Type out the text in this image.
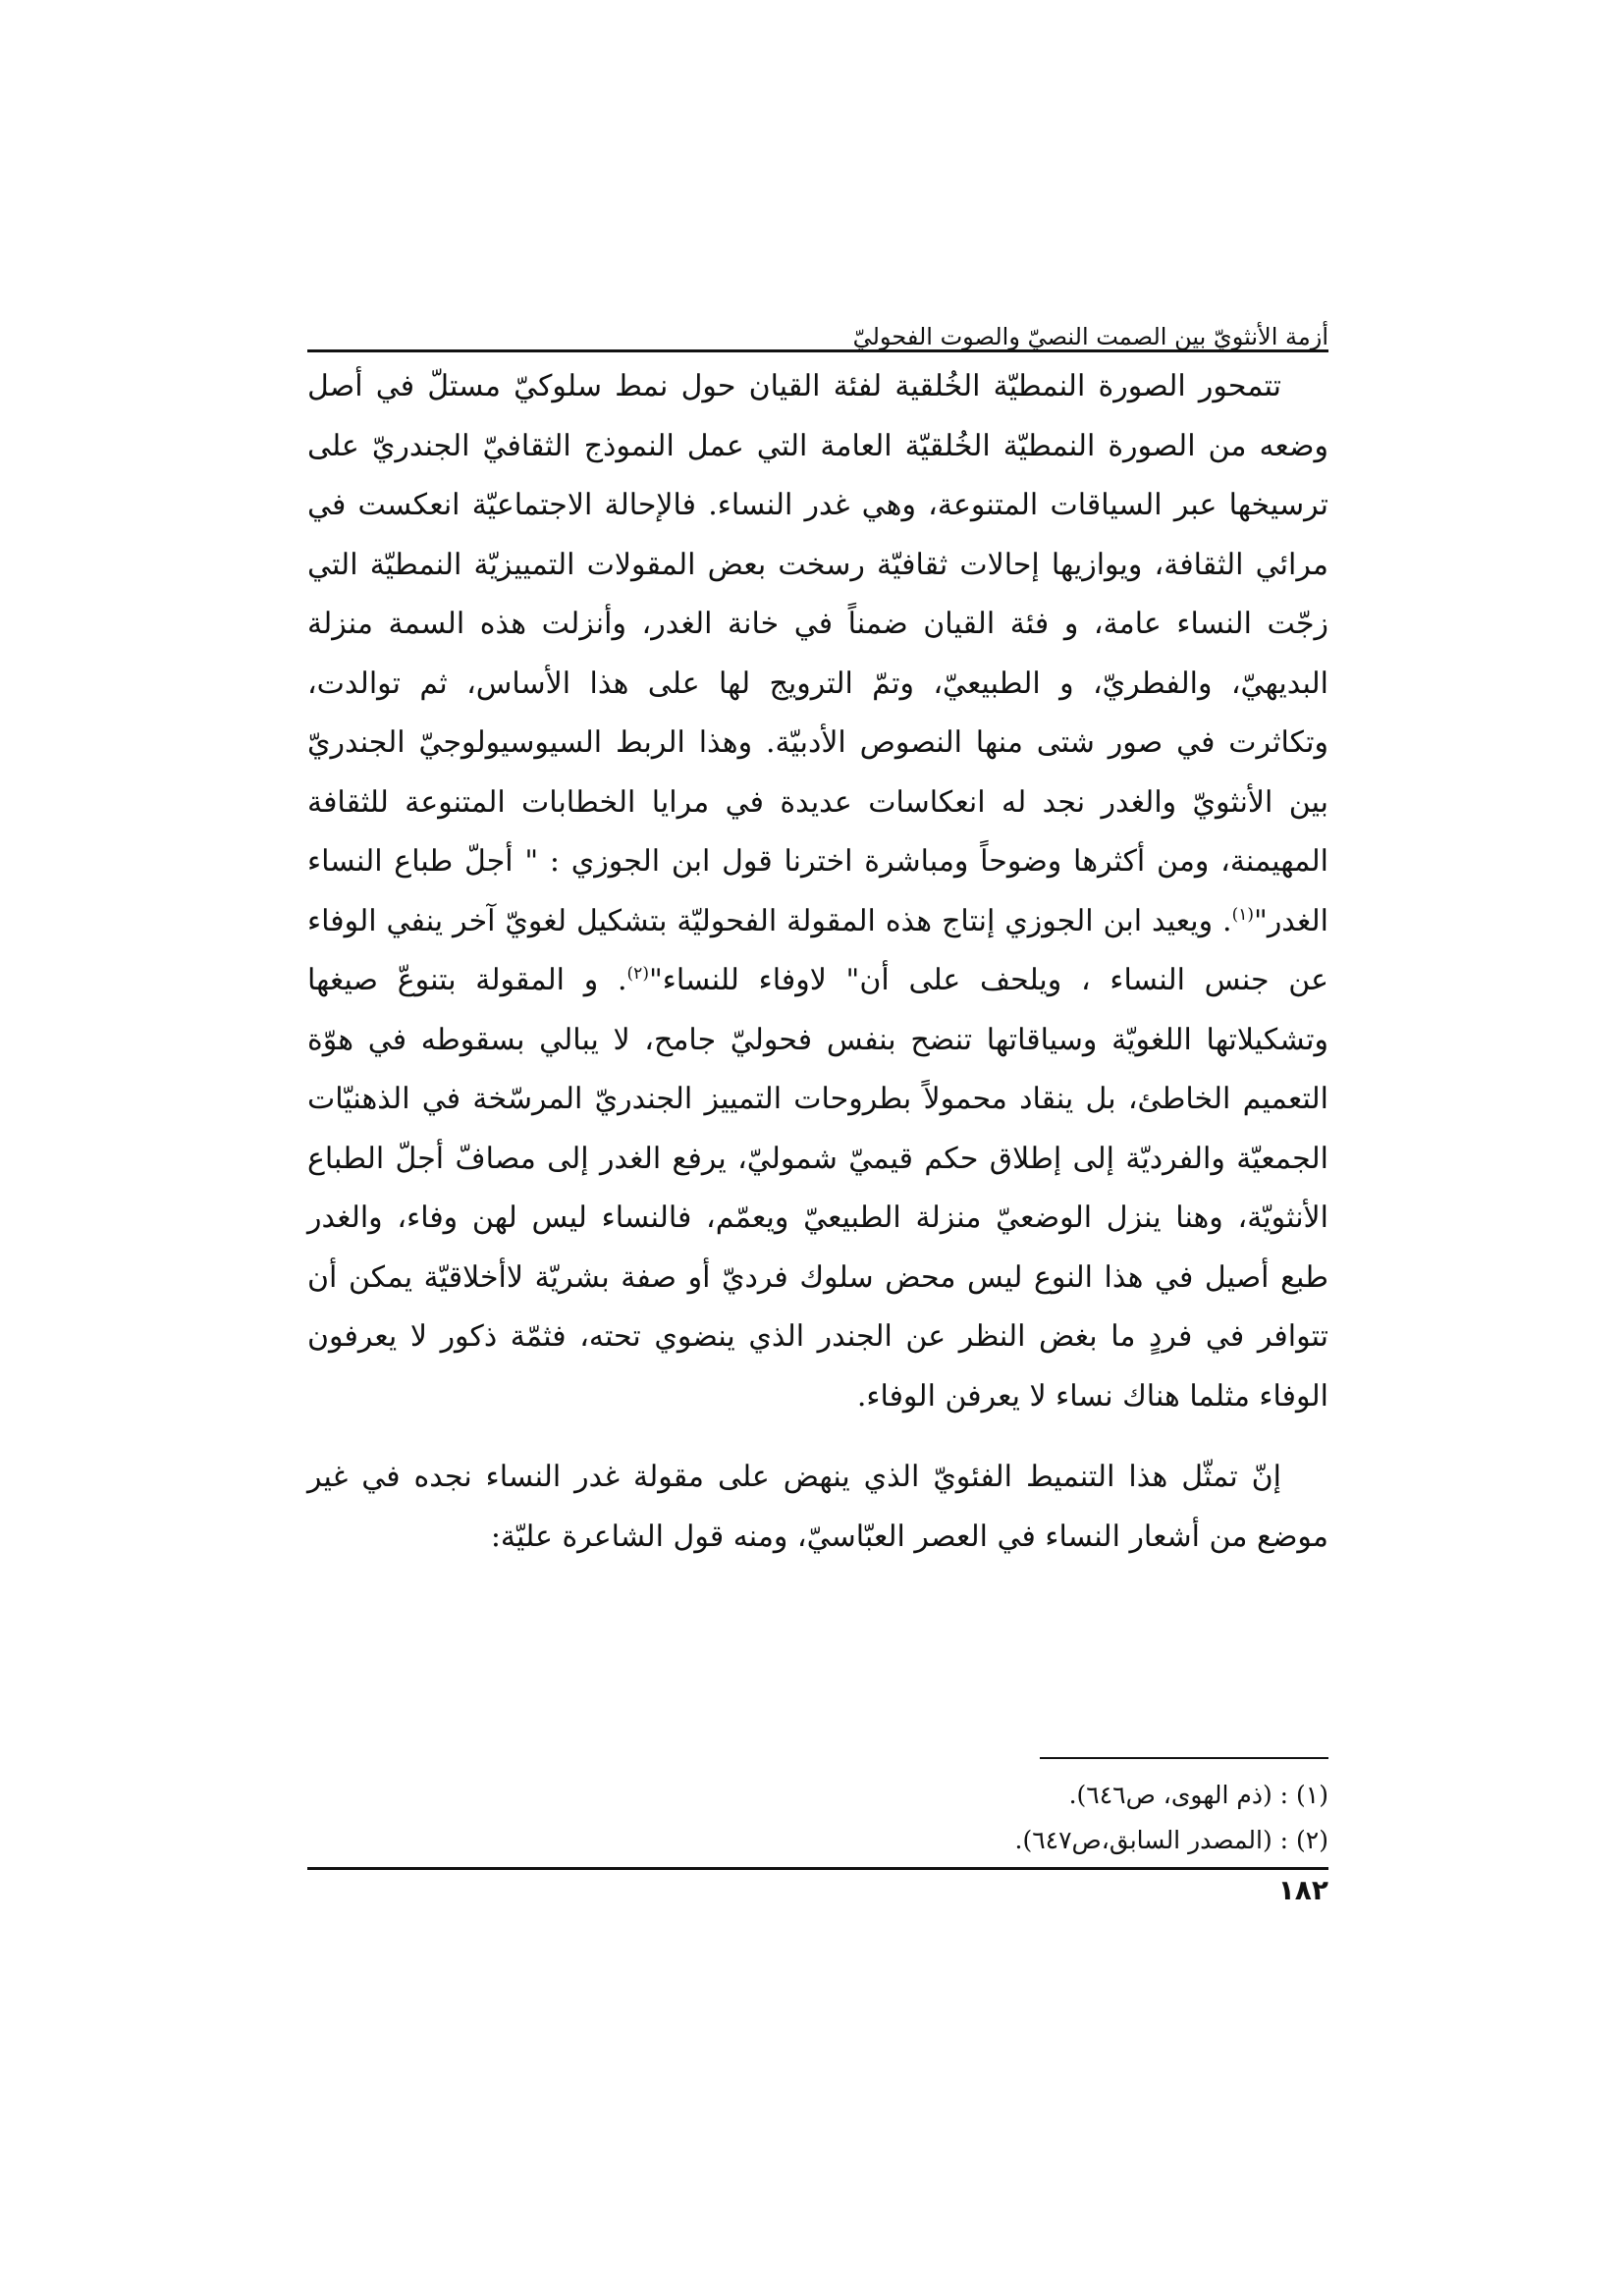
أزمة الأنثويّ بين الصمت النصيّ والصوت الفحوليّ

تتمحور الصورة النمطيّة الخُلقية لفئة القيان حول نمط سلوكيّ مستلّ في أصل وضعه من الصورة النمطيّة الخُلقيّة العامة التي عمل النموذج الثقافيّ الجندريّ على ترسيخها عبر السياقات المتنوعة، وهي غدر النساء. فالإحالة الاجتماعيّة انعكست في مرائي الثقافة، ويوازيها إحالات ثقافيّة رسخت بعض المقولات التمييزيّة النمطيّة التي زجّت النساء عامة، و فئة القيان ضمناً في خانة الغدر، وأنزلت هذه السمة منزلة البديهيّ، والفطريّ، و الطبيعيّ، وتمّ الترويج لها على هذا الأساس، ثم توالدت، وتكاثرت في صور شتى منها النصوص الأدبيّة. وهذا الربط السيوسيولوجيّ الجندريّ بين الأنثويّ والغدر نجد له انعكاسات عديدة في مرايا الخطابات المتنوعة للثقافة المهيمنة، ومن أكثرها وضوحاً ومباشرة اخترنا قول ابن الجوزي : " أجلّ طباع النساء الغدر"$^{(١)}$. ويعيد ابن الجوزي إنتاج هذه المقولة الفحوليّة بتشكيل لغويّ آخر ينفي الوفاء عن جنس النساء ، ويلحف على أن" لاوفاء للنساء"$^{(٢)}$. و المقولة بتنوعّ صيغها وتشكيلاتها اللغويّة وسياقاتها تنضح بنفس فحوليّ جامح، لا يبالي بسقوطه في هوّة التعميم الخاطئ، بل ينقاد محمولاً بطروحات التمييز الجندريّ المرسّخة في الذهنيّات الجمعيّة والفرديّة إلى إطلاق حكم قيميّ شموليّ، يرفع الغدر إلى مصافّ أجلّ الطباع الأنثويّة، وهنا ينزل الوضعيّ منزلة الطبيعيّ ويعمّم، فالنساء ليس لهن وفاء، والغدر طبع أصيل في هذا النوع ليس محض سلوك فرديّ أو صفة بشريّة لاأخلاقيّة يمكن أن تتوافر في فردٍ ما بغض النظر عن الجندر الذي ينضوي تحته، فثمّة ذكور لا يعرفون الوفاء مثلما هناك نساء لا يعرفن الوفاء.

إنّ تمثّل هذا التنميط الفئويّ الذي ينهض على مقولة غدر النساء نجده في غير موضع من أشعار النساء في العصر العبّاسيّ، ومنه قول الشاعرة عليّة:

(١) : (ذم الهوى، ص٦٤٦).
(٢) : (المصدر السابق،ص٦٤٧).
١٨٢
